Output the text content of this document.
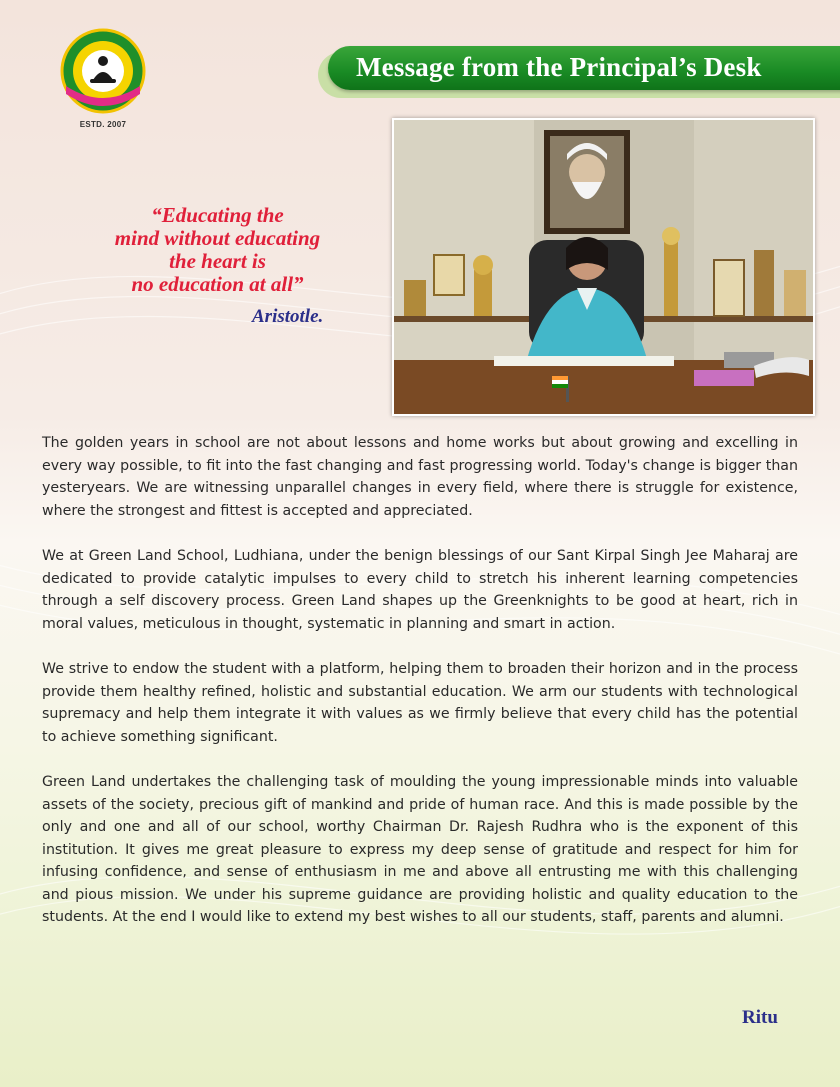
ESTD. 2007
Message from the Principal’s Desk
“Educating the
mind without educating
the heart is
no education at all”
Aristotle.

The golden years in school are not about lessons and home works but about growing and excelling in every way possible, to fit into the fast changing and fast progressing world. Today's change is bigger than yesteryears. We are witnessing unparallel changes in every field, where there is struggle for existence, where the strongest and fittest is accepted and appreciated.

We at Green Land School, Ludhiana, under the benign blessings of our Sant Kirpal Singh Jee Maharaj are dedicated to provide catalytic impulses to every child to stretch his inherent learning competencies through a self discovery process. Green Land shapes up the Greenknights to be good at heart, rich in moral values, meticulous in thought, systematic in planning and smart in action.

We strive to endow the student with a platform, helping them to broaden their horizon and in the process provide them healthy refined, holistic and substantial education. We arm our students with technological supremacy and help them integrate it with values as we firmly believe that every child has the potential to achieve something significant.

Green Land undertakes the challenging task of moulding the young impressionable minds into valuable assets of the society, precious gift of mankind and pride of human race. And this is made possible by the only and one and all of our school, worthy Chairman Dr. Rajesh Rudhra who is the exponent of this institution. It gives me great pleasure to express my deep sense of gratitude and respect for him for infusing confidence, and sense of enthusiasm in me and above all entrusting me with this challenging and pious mission. We under his supreme guidance are providing holistic and quality education to the students. At the end I would like to extend my best wishes to all our students, staff, parents and alumni.

Ritu
